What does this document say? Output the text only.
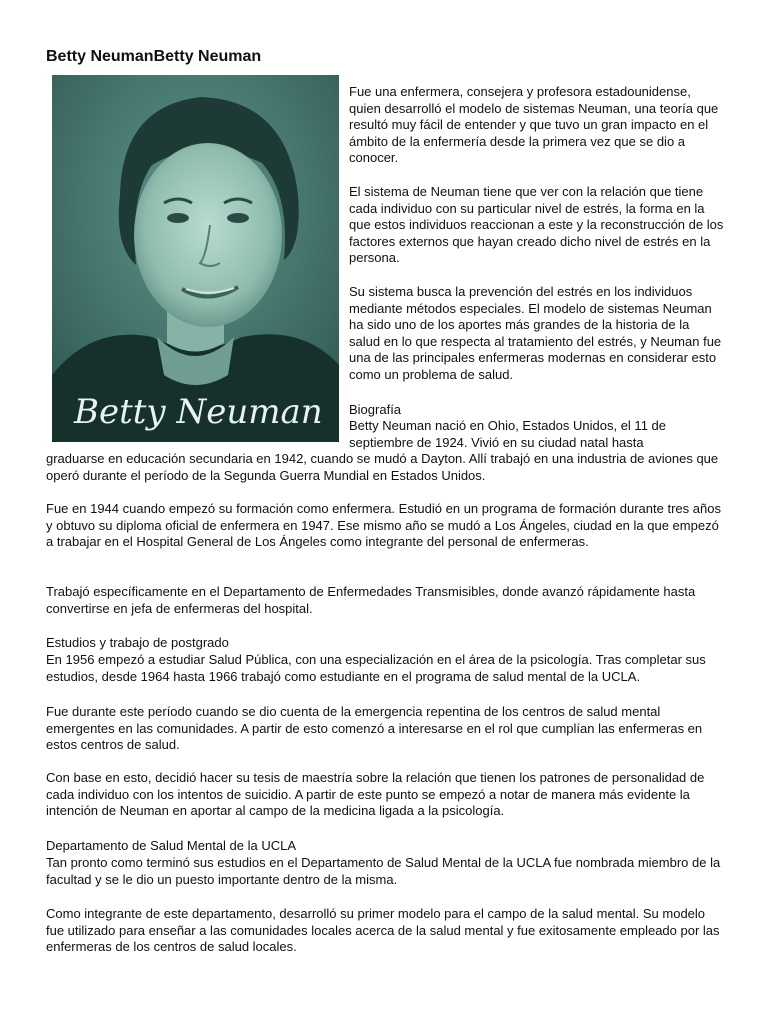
Betty NeumanBetty Neuman
Betty Neuman

Fue una enfermera, consejera y profesora estadounidense, quien desarrolló el modelo de sistemas Neuman, una teoría que resultó muy fácil de entender y que tuvo un gran impacto en el ámbito de la enfermería desde la primera vez que se dio a conocer.

El sistema de Neuman tiene que ver con la relación que tiene cada individuo con su particular nivel de estrés, la forma en la que estos individuos reaccionan a este y la reconstrucción de los factores externos que hayan creado dicho nivel de estrés en la persona.

Su sistema busca la prevención del estrés en los individuos mediante métodos especiales. El modelo de sistemas Neuman ha sido uno de los aportes más grandes de la historia de la salud en lo que respecta al tratamiento del estrés, y Neuman fue una de las principales enfermeras modernas en considerar esto como un problema de salud.

Biografía

Betty Neuman nació en Ohio, Estados Unidos, el 11 de septiembre de 1924. Vivió en su ciudad natal hasta

graduarse en educación secundaria en 1942, cuando se mudó a Dayton. Allí trabajó en una industria de aviones que operó durante el período de la Segunda Guerra Mundial en Estados Unidos.

Fue en 1944 cuando empezó su formación como enfermera. Estudió en un programa de formación durante tres años y obtuvo su diploma oficial de enfermera en 1947. Ese mismo año se mudó a Los Ángeles, ciudad en la que empezó a trabajar en el Hospital General de Los Ángeles como integrante del personal de enfermeras.

Trabajó específicamente en el Departamento de Enfermedades Transmisibles, donde avanzó rápidamente hasta convertirse en jefa de enfermeras del hospital.

Estudios y trabajo de postgrado

En 1956 empezó a estudiar Salud Pública, con una especialización en el área de la psicología. Tras completar sus estudios, desde 1964 hasta 1966 trabajó como estudiante en el programa de salud mental de la UCLA.

Fue durante este período cuando se dio cuenta de la emergencia repentina de los centros de salud mental emergentes en las comunidades. A partir de esto comenzó a interesarse en el rol que cumplían las enfermeras en estos centros de salud.

Con base en esto, decidió hacer su tesis de maestría sobre la relación que tienen los patrones de personalidad de cada individuo con los intentos de suicidio. A partir de este punto se empezó a notar de manera más evidente la intención de Neuman en aportar al campo de la medicina ligada a la psicología.

Departamento de Salud Mental de la UCLA

Tan pronto como terminó sus estudios en el Departamento de Salud Mental de la UCLA fue nombrada miembro de la facultad y se le dio un puesto importante dentro de la misma.

Como integrante de este departamento, desarrolló su primer modelo para el campo de la salud mental. Su modelo fue utilizado para enseñar a las comunidades locales acerca de la salud mental y fue exitosamente empleado por las enfermeras de los centros de salud locales.
